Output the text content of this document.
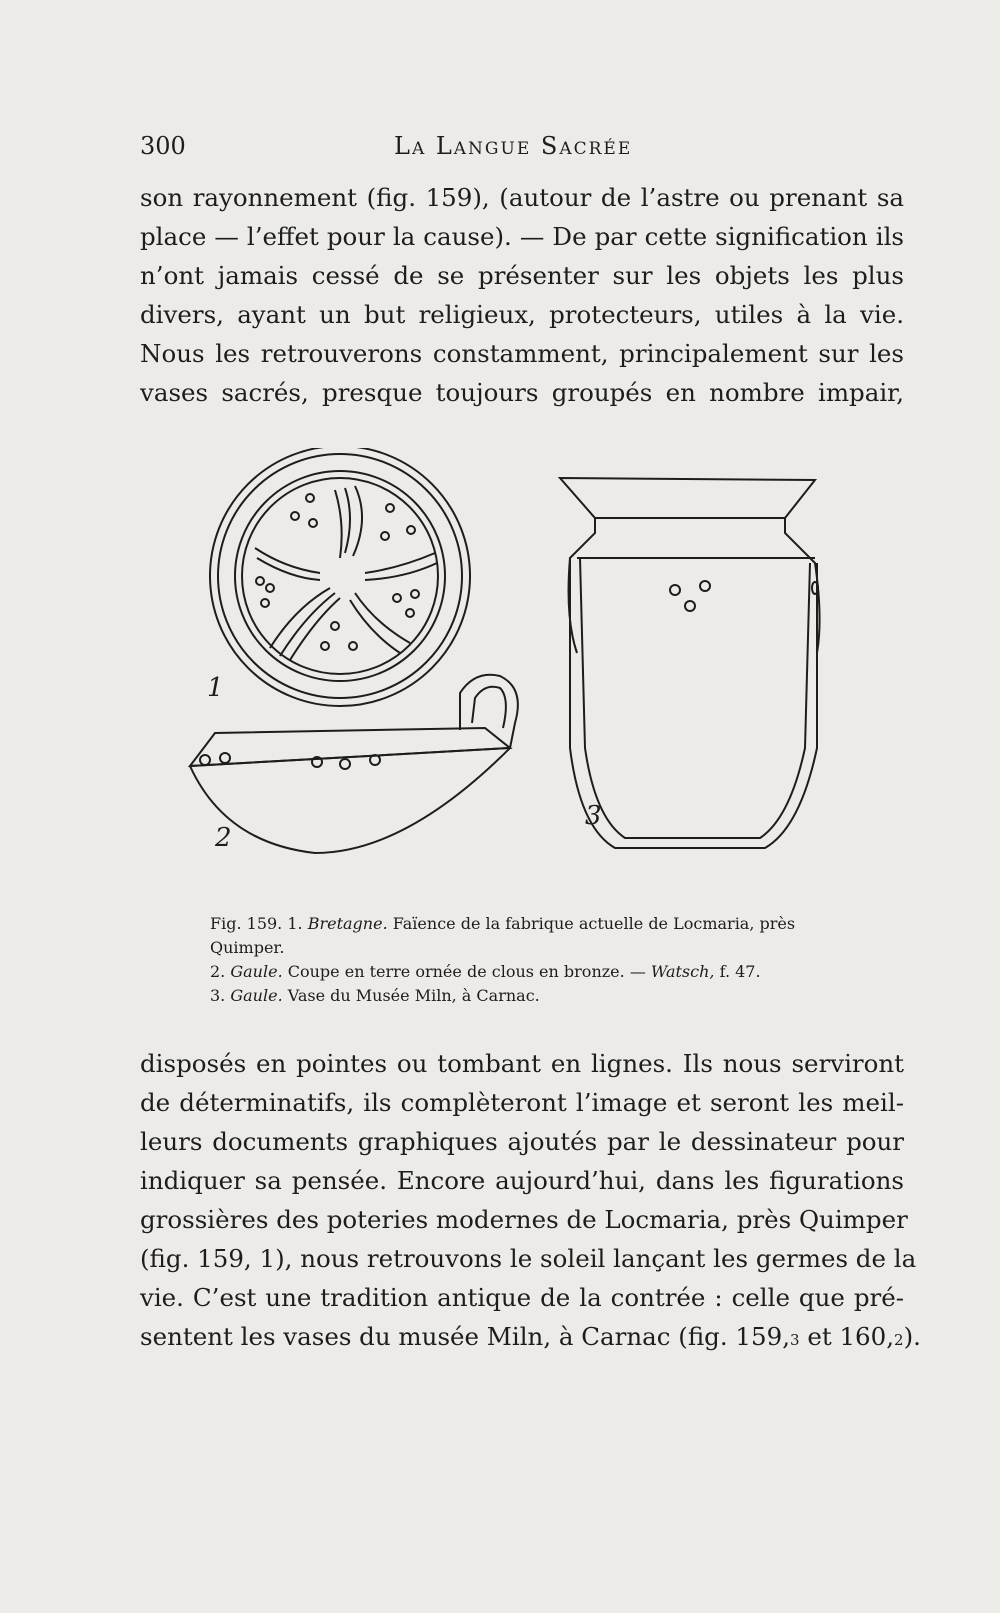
300	La Langue Sacrée
son rayonnement (fig. 159), (autour de l’astre ou prenant sa
place — l’effet pour la cause). — De par cette signification ils
n’ont jamais cessé de se présenter sur les objets les plus
divers, ayant un but religieux, protecteurs, utiles à la vie.
Nous les retrouverons constamment, principalement sur les
vases sacrés, presque toujours groupés en nombre impair,
1
2
3
Fig. 159. 1. Bretagne. Faïence de la fabrique actuelle de Locmaria, près
Quimper.
2. Gaule. Coupe en terre ornée de clous en bronze. — Watsch, f. 47.
3. Gaule. Vase du Musée Miln, à Carnac.
disposés en pointes ou tombant en lignes. Ils nous serviront
de déterminatifs, ils complèteront l’image et seront les meil-
leurs documents graphiques ajoutés par le dessinateur pour
indiquer sa pensée. Encore aujourd’hui, dans les figurations
grossières des poteries modernes de Locmaria, près Quimper
(fig. 159, 1), nous retrouvons le soleil lançant les germes de la
vie. C’est une tradition antique de la contrée : celle que pré-
sentent les vases du musée Miln, à Carnac (fig. 159,3 et 160,2).
